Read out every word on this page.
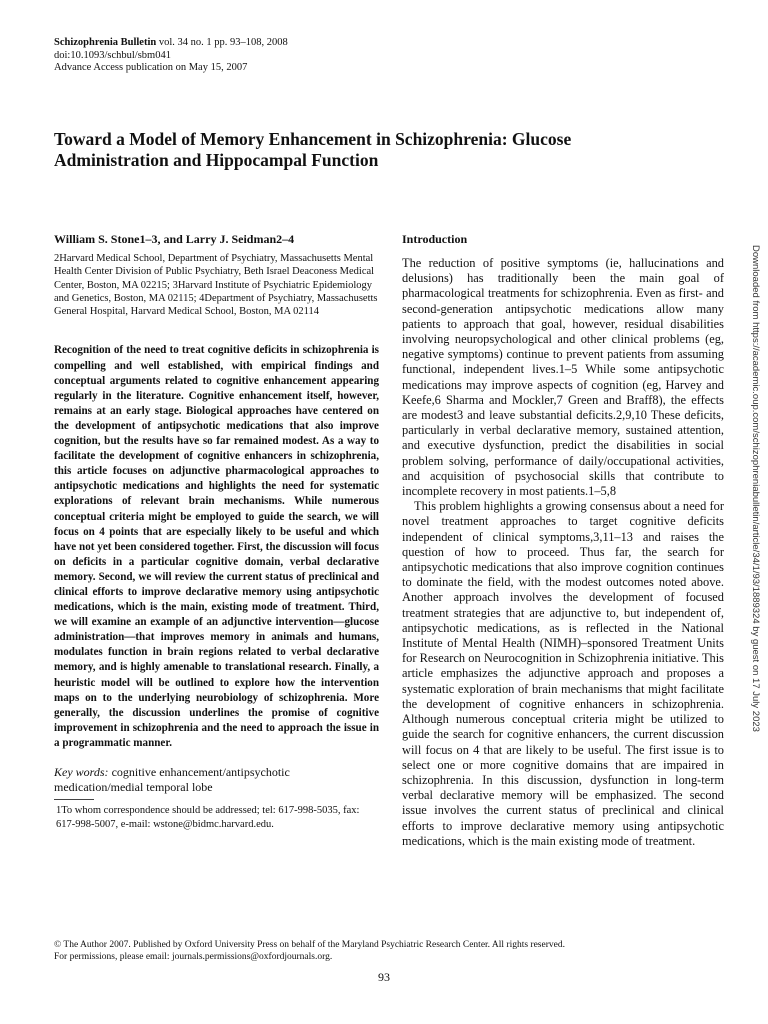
Schizophrenia Bulletin vol. 34 no. 1 pp. 93–108, 2008
doi:10.1093/schbul/sbm041
Advance Access publication on May 15, 2007
Toward a Model of Memory Enhancement in Schizophrenia: Glucose Administration and Hippocampal Function

William S. Stone1–3, and Larry J. Seidman2–4

2Harvard Medical School, Department of Psychiatry, Massachusetts Mental Health Center Division of Public Psychiatry, Beth Israel Deaconess Medical Center, Boston, MA 02215; 3Harvard Institute of Psychiatric Epidemiology and Genetics, Boston, MA 02115; 4Department of Psychiatry, Massachusetts General Hospital, Harvard Medical School, Boston, MA 02114

Recognition of the need to treat cognitive deficits in schizophrenia is compelling and well established, with empirical findings and conceptual arguments related to cognitive enhancement appearing regularly in the literature. Cognitive enhancement itself, however, remains at an early stage. Biological approaches have centered on the development of antipsychotic medications that also improve cognition, but the results have so far remained modest. As a way to facilitate the development of cognitive enhancers in schizophrenia, this article focuses on adjunctive pharmacological approaches to antipsychotic medications and highlights the need for systematic explorations of relevant brain mechanisms. While numerous conceptual criteria might be employed to guide the search, we will focus on 4 points that are especially likely to be useful and which have not yet been considered together. First, the discussion will focus on deficits in a particular cognitive domain, verbal declarative memory. Second, we will review the current status of preclinical and clinical efforts to improve declarative memory using antipsychotic medications, which is the main, existing mode of treatment. Third, we will examine an example of an adjunctive intervention—glucose administration—that improves memory in animals and humans, modulates function in brain regions related to verbal declarative memory, and is highly amenable to translational research. Finally, a heuristic model will be outlined to explore how the intervention maps on to the underlying neurobiology of schizophrenia. More generally, the discussion underlines the promise of cognitive improvement in schizophrenia and the need to approach the issue in a programmatic manner.

Key words: cognitive enhancement/antipsychotic medication/medial temporal lobe

1To whom correspondence should be addressed; tel: 617-998-5035, fax: 617-998-5007, e-mail: wstone@bidmc.harvard.edu.

Introduction

The reduction of positive symptoms (ie, hallucinations and delusions) has traditionally been the main goal of pharmacological treatments for schizophrenia. Even as first- and second-generation antipsychotic medications allow many patients to approach that goal, however, residual disabilities involving neuropsychological and other clinical problems (eg, negative symptoms) continue to prevent patients from assuming functional, independent lives.1–5 While some antipsychotic medications may improve aspects of cognition (eg, Harvey and Keefe,6 Sharma and Mockler,7 Green and Braff8), the effects are modest3 and leave substantial deficits.2,9,10 These deficits, particularly in verbal declarative memory, sustained attention, and executive dysfunction, predict the disabilities in social problem solving, performance of daily/occupational activities, and acquisition of psychosocial skills that contribute to incomplete recovery in most patients.1–5,8

This problem highlights a growing consensus about a need for novel treatment approaches to target cognitive deficits independent of clinical symptoms,3,11–13 and raises the question of how to proceed. Thus far, the search for antipsychotic medications that also improve cognition continues to dominate the field, with the modest outcomes noted above. Another approach involves the development of focused treatment strategies that are adjunctive to, but independent of, antipsychotic medications, as is reflected in the National Institute of Mental Health (NIMH)–sponsored Treatment Units for Research on Neurocognition in Schizophrenia initiative. This article emphasizes the adjunctive approach and proposes a systematic exploration of brain mechanisms that might facilitate the development of cognitive enhancers in schizophrenia. Although numerous conceptual criteria might be utilized to guide the search for cognitive enhancers, the current discussion will focus on 4 that are likely to be useful. The first issue is to select one or more cognitive domains that are impaired in schizophrenia. In this discussion, dysfunction in long-term verbal declarative memory will be emphasized. The second issue involves the current status of preclinical and clinical efforts to improve declarative memory using antipsychotic medications, which is the main existing mode of treatment.

© The Author 2007. Published by Oxford University Press on behalf of the Maryland Psychiatric Research Center. All rights reserved.
For permissions, please email: journals.permissions@oxfordjournals.org.
93
Downloaded from https://academic.oup.com/schizophreniabulletin/article/34/1/93/1889324 by guest on 17 July 2023
